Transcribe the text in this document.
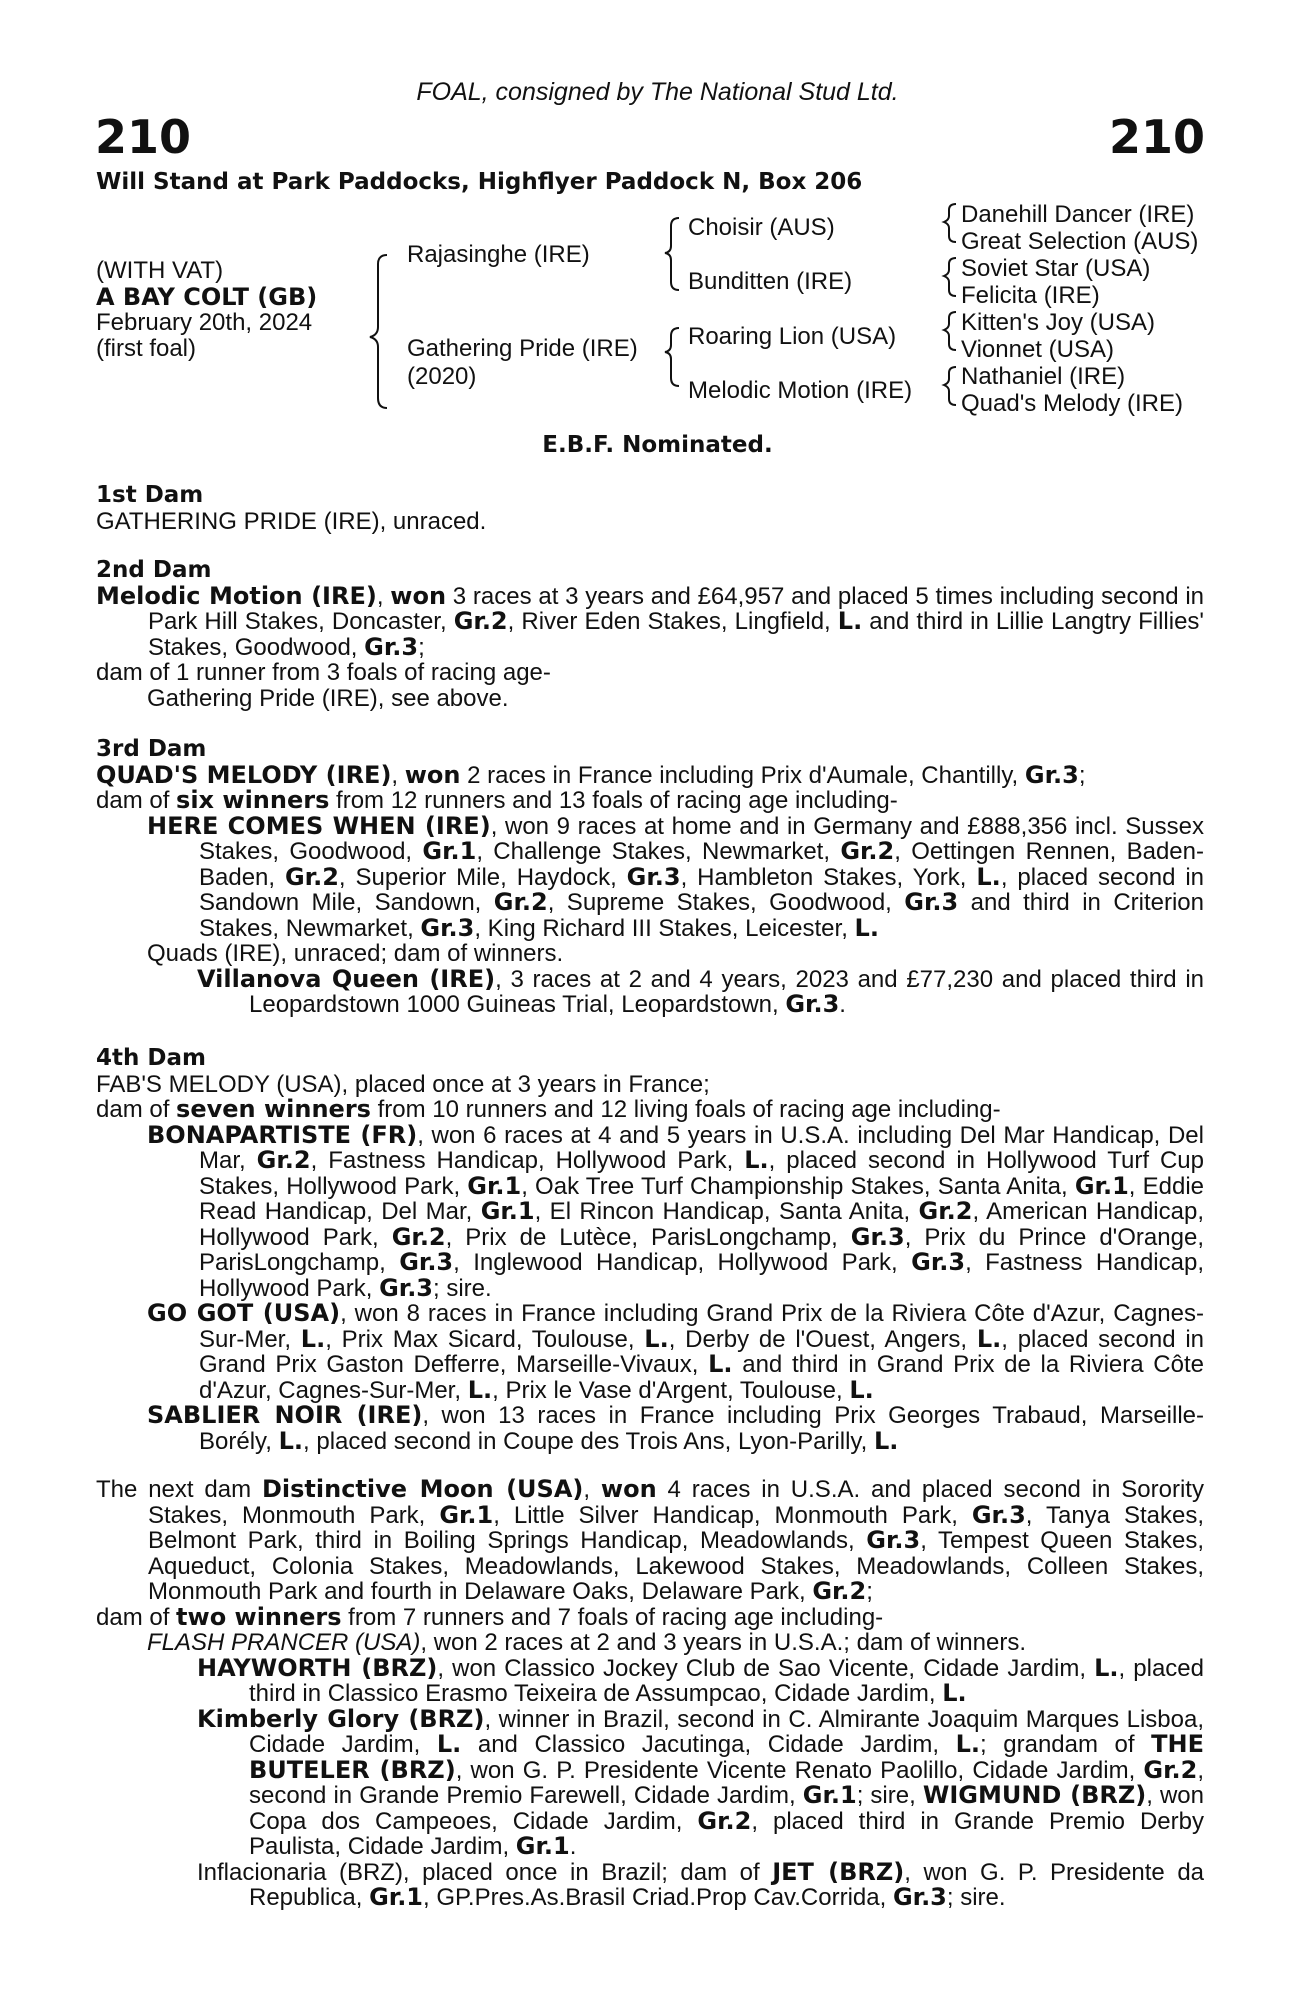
FOAL, consigned by The National Stud Ltd.
210	210
Will Stand at Park Paddocks, Highflyer Paddock N, Box 206
(WITH VAT)
A BAY COLT (GB)
February 20th, 2024
(first foal)
Rajasinghe (IRE)
Gathering Pride (IRE)
(2020)
Choisir (AUS)
Bunditten (IRE)
Roaring Lion (USA)
Melodic Motion (IRE)
Danehill Dancer (IRE)
Great Selection (AUS)
Soviet Star (USA)
Felicita (IRE)
Kitten's Joy (USA)
Vionnet (USA)
Nathaniel (IRE)
Quad's Melody (IRE)
E.B.F. Nominated.
1st Dam
GATHERING PRIDE (IRE), unraced.
2nd Dam
Melodic Motion (IRE), won 3 races at 3 years and £64,957 and placed 5 times including second in Park Hill Stakes, Doncaster, Gr.2, River Eden Stakes, Lingfield, L. and third in Lillie Langtry Fillies' Stakes, Goodwood, Gr.3;
dam of 1 runner from 3 foals of racing age-
Gathering Pride (IRE), see above.
3rd Dam
QUAD'S MELODY (IRE), won 2 races in France including Prix d'Aumale, Chantilly, Gr.3;
dam of six winners from 12 runners and 13 foals of racing age including-
HERE COMES WHEN (IRE), won 9 races at home and in Germany and £888,356 incl. Sussex Stakes, Goodwood, Gr.1, Challenge Stakes, Newmarket, Gr.2, Oettingen Rennen, Baden-Baden, Gr.2, Superior Mile, Haydock, Gr.3, Hambleton Stakes, York, L., placed second in Sandown Mile, Sandown, Gr.2, Supreme Stakes, Goodwood, Gr.3 and third in Criterion Stakes, Newmarket, Gr.3, King Richard III Stakes, Leicester, L.
Quads (IRE), unraced; dam of winners.
Villanova Queen (IRE), 3 races at 2 and 4 years, 2023 and £77,230 and placed third in Leopardstown 1000 Guineas Trial, Leopardstown, Gr.3.
4th Dam
FAB'S MELODY (USA), placed once at 3 years in France;
dam of seven winners from 10 runners and 12 living foals of racing age including-
BONAPARTISTE (FR), won 6 races at 4 and 5 years in U.S.A. including Del Mar Handicap, Del Mar, Gr.2, Fastness Handicap, Hollywood Park, L., placed second in Hollywood Turf Cup Stakes, Hollywood Park, Gr.1, Oak Tree Turf Championship Stakes, Santa Anita, Gr.1, Eddie Read Handicap, Del Mar, Gr.1, El Rincon Handicap, Santa Anita, Gr.2, American Handicap, Hollywood Park, Gr.2, Prix de Lutèce, ParisLongchamp, Gr.3, Prix du Prince d'Orange, ParisLongchamp, Gr.3, Inglewood Handicap, Hollywood Park, Gr.3, Fastness Handicap, Hollywood Park, Gr.3; sire.
GO GOT (USA), won 8 races in France including Grand Prix de la Riviera Côte d'Azur, Cagnes-Sur-Mer, L., Prix Max Sicard, Toulouse, L., Derby de l'Ouest, Angers, L., placed second in Grand Prix Gaston Defferre, Marseille-Vivaux, L. and third in Grand Prix de la Riviera Côte d'Azur, Cagnes-Sur-Mer, L., Prix le Vase d'Argent, Toulouse, L.
SABLIER NOIR (IRE), won 13 races in France including Prix Georges Trabaud, Marseille-Borély, L., placed second in Coupe des Trois Ans, Lyon-Parilly, L.
The next dam Distinctive Moon (USA), won 4 races in U.S.A. and placed second in Sorority Stakes, Monmouth Park, Gr.1, Little Silver Handicap, Monmouth Park, Gr.3, Tanya Stakes, Belmont Park, third in Boiling Springs Handicap, Meadowlands, Gr.3, Tempest Queen Stakes, Aqueduct, Colonia Stakes, Meadowlands, Lakewood Stakes, Meadowlands, Colleen Stakes, Monmouth Park and fourth in Delaware Oaks, Delaware Park, Gr.2;
dam of two winners from 7 runners and 7 foals of racing age including-
FLASH PRANCER (USA), won 2 races at 2 and 3 years in U.S.A.; dam of winners.
HAYWORTH (BRZ), won Classico Jockey Club de Sao Vicente, Cidade Jardim, L., placed third in Classico Erasmo Teixeira de Assumpcao, Cidade Jardim, L.
Kimberly Glory (BRZ), winner in Brazil, second in C. Almirante Joaquim Marques Lisboa, Cidade Jardim, L. and Classico Jacutinga, Cidade Jardim, L.; grandam of THE BUTELER (BRZ), won G. P. Presidente Vicente Renato Paolillo, Cidade Jardim, Gr.2, second in Grande Premio Farewell, Cidade Jardim, Gr.1; sire, WIGMUND (BRZ), won Copa dos Campeoes, Cidade Jardim, Gr.2, placed third in Grande Premio Derby Paulista, Cidade Jardim, Gr.1.
Inflacionaria (BRZ), placed once in Brazil; dam of JET (BRZ), won G. P. Presidente da Republica, Gr.1, GP.Pres.As.Brasil Criad.Prop Cav.Corrida, Gr.3; sire.
